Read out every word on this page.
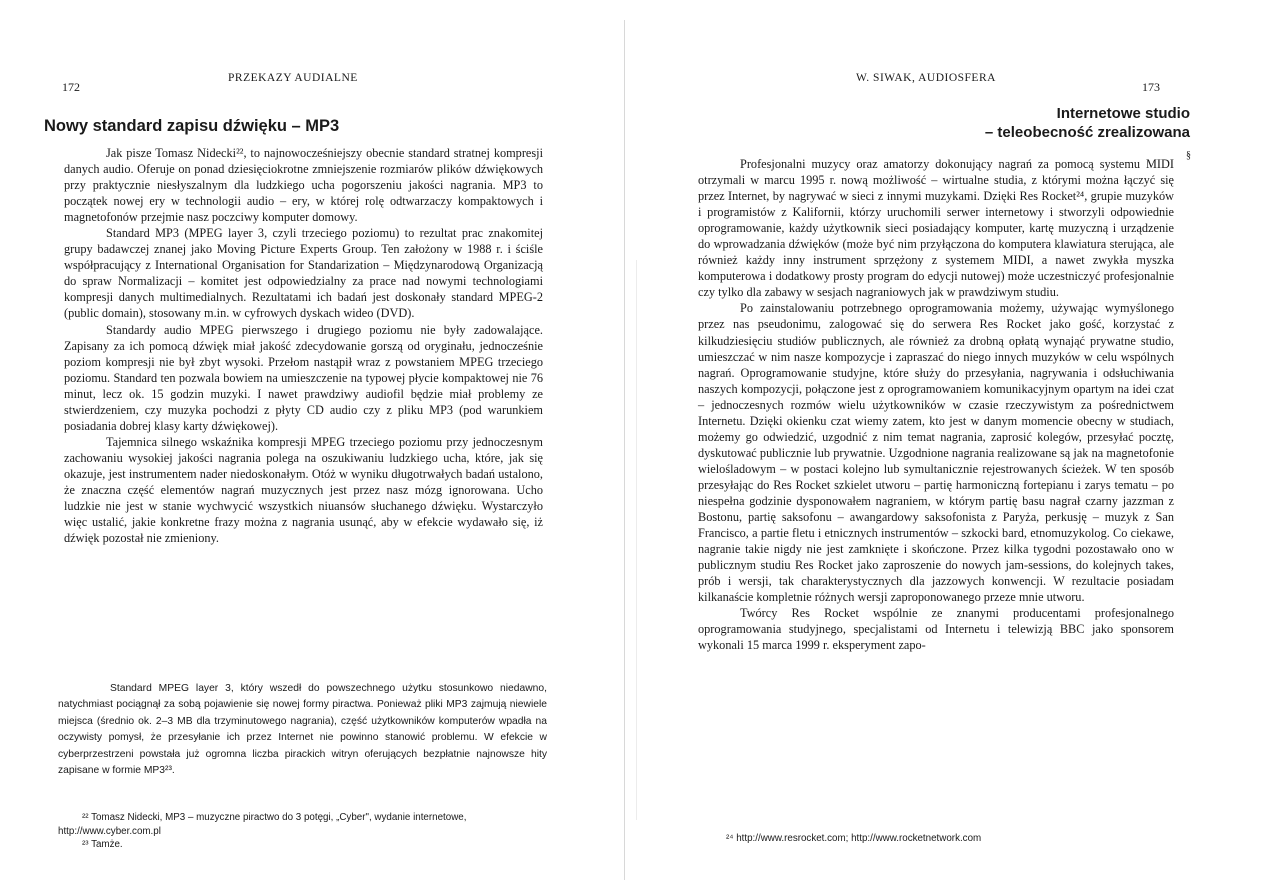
172
PRZEKAZY AUDIALNE
Nowy standard zapisu dźwięku – MP3

Jak pisze Tomasz Nidecki²², to najnowocześniejszy obecnie standard stratnej kompresji danych audio. Oferuje on ponad dziesięciokrotne zmniejszenie rozmiarów plików dźwiękowych przy praktycznie niesłyszalnym dla ludzkiego ucha pogorszeniu jakości nagrania. MP3 to początek nowej ery w technologii audio – ery, w której rolę odtwarzaczy kompaktowych i magnetofonów przejmie nasz poczciwy komputer domowy.

Standard MP3 (MPEG layer 3, czyli trzeciego poziomu) to rezultat prac znakomitej grupy badawczej znanej jako Moving Picture Experts Group. Ten założony w 1988 r. i ściśle współpracujący z International Organisation for Standarization – Międzynarodową Organizacją do spraw Normalizacji – komitet jest odpowiedzialny za prace nad nowymi technologiami kompresji danych multimedialnych. Rezultatami ich badań jest doskonały standard MPEG-2 (public domain), stosowany m.in. w cyfrowych dyskach wideo (DVD).

Standardy audio MPEG pierwszego i drugiego poziomu nie były zadowalające. Zapisany za ich pomocą dźwięk miał jakość zdecydowanie gorszą od oryginału, jednocześnie poziom kompresji nie był zbyt wysoki. Przełom nastąpił wraz z powstaniem MPEG trzeciego poziomu. Standard ten pozwala bowiem na umieszczenie na typowej płycie kompaktowej nie 76 minut, lecz ok. 15 godzin muzyki. I nawet prawdziwy audiofil będzie miał problemy ze stwierdzeniem, czy muzyka pochodzi z płyty CD audio czy z pliku MP3 (pod warunkiem posiadania dobrej klasy karty dźwiękowej).

Tajemnica silnego wskaźnika kompresji MPEG trzeciego poziomu przy jednoczesnym zachowaniu wysokiej jakości nagrania polega na oszukiwaniu ludzkiego ucha, które, jak się okazuje, jest instrumentem nader niedoskonałym. Otóż w wyniku długotrwałych badań ustalono, że znaczna część elementów nagrań muzycznych jest przez nasz mózg ignorowana. Ucho ludzkie nie jest w stanie wychwycić wszystkich niuansów słuchanego dźwięku. Wystarczyło więc ustalić, jakie konkretne frazy można z nagrania usunąć, aby w efekcie wydawało się, iż dźwięk pozostał nie zmieniony.

Standard MPEG layer 3, który wszedł do powszechnego użytku stosunkowo niedawno, natychmiast pociągnął za sobą pojawienie się nowej formy piractwa. Ponieważ pliki MP3 zajmują niewiele miejsca (średnio ok. 2–3 MB dla trzyminutowego nagrania), część użytkowników komputerów wpadła na oczywisty pomysł, że przesyłanie ich przez Internet nie powinno stanowić problemu. W efekcie w cyberprzestrzeni powstała już ogromna liczba pirackich witryn oferujących bezpłatnie najnowsze hity zapisane w formie MP3²³.

²² Tomasz Nidecki, MP3 – muzyczne piractwo do 3 potęgi, „Cyber", wydanie internetowe, http://www.cyber.com.pl
²³ Tamże.
W. SIWAK, AUDIOSFERA
173
Internetowe studio
– teleobecność zrealizowana

Profesjonalni muzycy oraz amatorzy dokonujący nagrań za pomocą systemu MIDI otrzymali w marcu 1995 r. nową możliwość – wirtualne studia, z którymi można łączyć się przez Internet, by nagrywać w sieci z innymi muzykami. Dzięki Res Rocket²⁴, grupie muzyków i programistów z Kalifornii, którzy uruchomili serwer internetowy i stworzyli odpowiednie oprogramowanie, każdy użytkownik sieci posiadający komputer, kartę muzyczną i urządzenie do wprowadzania dźwięków (może być nim przyłączona do komputera klawiatura sterująca, ale również każdy inny instrument sprzężony z systemem MIDI, a nawet zwykła myszka komputerowa i dodatkowy prosty program do edycji nutowej) może uczestniczyć profesjonalnie czy tylko dla zabawy w sesjach nagraniowych jak w prawdziwym studiu.

Po zainstalowaniu potrzebnego oprogramowania możemy, używając wymyślonego przez nas pseudonimu, zalogować się do serwera Res Rocket jako gość, korzystać z kilkudziesięciu studiów publicznych, ale również za drobną opłatą wynająć prywatne studio, umieszczać w nim nasze kompozycje i zapraszać do niego innych muzyków w celu wspólnych nagrań. Oprogramowanie studyjne, które służy do przesyłania, nagrywania i odsłuchiwania naszych kompozycji, połączone jest z oprogramowaniem komunikacyjnym opartym na idei czat – jednoczesnych rozmów wielu użytkowników w czasie rzeczywistym za pośrednictwem Internetu. Dzięki okienku czat wiemy zatem, kto jest w danym momencie obecny w studiach, możemy go odwiedzić, uzgodnić z nim temat nagrania, zaprosić kolegów, przesyłać pocztę, dyskutować publicznie lub prywatnie. Uzgodnione nagrania realizowane są jak na magnetofonie wielośladowym – w postaci kolejno lub symultanicznie rejestrowanych ścieżek. W ten sposób przesyłając do Res Rocket szkielet utworu – partię harmoniczną fortepianu i zarys tematu – po niespełna godzinie dysponowałem nagraniem, w którym partię basu nagrał czarny jazzman z Bostonu, partię saksofonu – awangardowy saksofonista z Paryża, perkusję – muzyk z San Francisco, a partie fletu i etnicznych instrumentów – szkocki bard, etnomuzykolog. Co ciekawe, nagranie takie nigdy nie jest zamknięte i skończone. Przez kilka tygodni pozostawało ono w publicznym studiu Res Rocket jako zaproszenie do nowych jam-sessions, do kolejnych takes, prób i wersji, tak charakterystycznych dla jazzowych konwencji. W rezultacie posiadam kilkanaście kompletnie różnych wersji zaproponowanego przeze mnie utworu.

Twórcy Res Rocket wspólnie ze znanymi producentami profesjonalnego oprogramowania studyjnego, specjalistami od Internetu i telewizją BBC jako sponsorem wykonali 15 marca 1999 r. eksperyment zapo-

²⁴ http://www.resrocket.com; http://www.rocketnetwork.com
§
